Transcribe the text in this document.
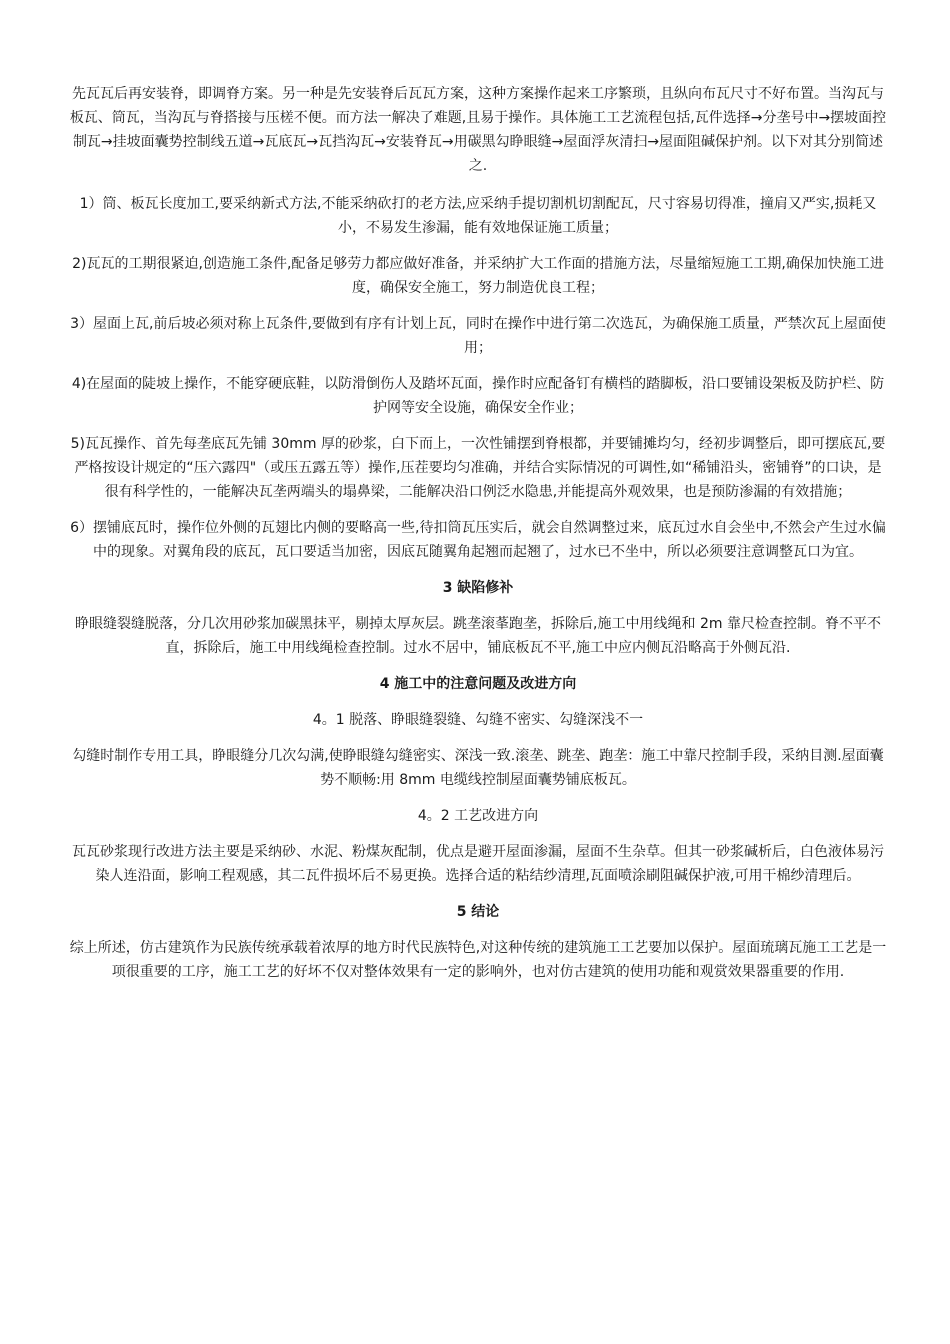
先瓦瓦后再安装脊，即调脊方案。另一种是先安装脊后瓦瓦方案，这种方案操作起来工序繁琐，且纵向布瓦尺寸不好布置。当沟瓦与板瓦、筒瓦，当沟瓦与脊搭接与压槎不便。而方法一解决了难题,且易于操作。具体施工工艺流程包括,瓦件选择→分垄号中→摆坡面控制瓦→挂坡面囊势控制线五道→瓦底瓦→瓦挡沟瓦→安装脊瓦→用碳黑勾睁眼缝→屋面浮灰清扫→屋面阻碱保护剂。以下对其分别简述之.

1）筒、板瓦长度加工,要采纳新式方法,不能采纳砍打的老方法,应采纳手提切割机切割配瓦，尺寸容易切得准，撞肩又严实,损耗又小，不易发生渗漏，能有效地保证施工质量；

2)瓦瓦的工期很紧迫,创造施工条件,配备足够劳力都应做好准备，并采纳扩大工作面的措施方法，尽量缩短施工工期,确保加快施工进度，确保安全施工，努力制造优良工程；

3）屋面上瓦,前后坡必须对称上瓦条件,要做到有序有计划上瓦，同时在操作中进行第二次选瓦，为确保施工质量，严禁次瓦上屋面使用；

4)在屋面的陡坡上操作，不能穿硬底鞋，以防滑倒伤人及踏坏瓦面，操作时应配备钉有横档的踏脚板，沿口要铺设架板及防护栏、防护网等安全设施，确保安全作业；

5)瓦瓦操作、首先每垄底瓦先铺 30mm 厚的砂浆，白下而上，一次性铺摆到脊根都，并要铺摊均匀，经初步调整后，即可摆底瓦,要严格按设计规定的“压六露四"（或压五露五等）操作,压茬要均匀准确，并结合实际情况的可调性,如“稀铺沿头，密铺脊”的口诀，是很有科学性的，一能解决瓦垄两端头的塌鼻梁，二能解决沿口例泛水隐患,并能提高外观效果，也是预防渗漏的有效措施；

6）摆铺底瓦时，操作位外侧的瓦翅比内侧的要略高一些,待扣筒瓦压实后，就会自然调整过来，底瓦过水自会坐中,不然会产生过水偏中的现象。对翼角段的底瓦，瓦口要适当加密，因底瓦随翼角起翘而起翘了，过水已不坐中，所以必须要注意调整瓦口为宜。

3 缺陷修补

睁眼缝裂缝脱落，分几次用砂浆加碳黑抹平，剔掉太厚灰层。跳垄滚莑跑垄，拆除后,施工中用线绳和 2m 靠尺检查控制。脊不平不直，拆除后，施工中用线绳检查控制。过水不居中，铺底板瓦不平,施工中应内侧瓦沿略高于外侧瓦沿.

4 施工中的注意问题及改进方向

4。1 脱落、睁眼缝裂缝、勾缝不密实、勾缝深浅不一

勾缝时制作专用工具，睁眼缝分几次勾满,使睁眼缝勾缝密实、深浅一致.滚垄、跳垄、跑垄：施工中靠尺控制手段，采纳目测.屋面囊势不顺畅:用 8mm 电缆线控制屋面囊势铺底板瓦。

4。2 工艺改进方向

瓦瓦砂浆现行改进方法主要是采纳砂、水泥、粉煤灰配制，优点是避开屋面渗漏，屋面不生杂草。但其一砂浆碱析后，白色液体易污染人连沿面，影响工程观感，其二瓦件损坏后不易更换。选择合适的粘结纱清理,瓦面喷涂刷阻碱保护液,可用干棉纱清理后。

5 结论

综上所述，仿古建筑作为民族传统承载着浓厚的地方时代民族特色,对这种传统的建筑施工工艺要加以保护。屋面琉璃瓦施工工艺是一项很重要的工序，施工工艺的好坏不仅对整体效果有一定的影响外，也对仿古建筑的使用功能和观赏效果器重要的作用.
